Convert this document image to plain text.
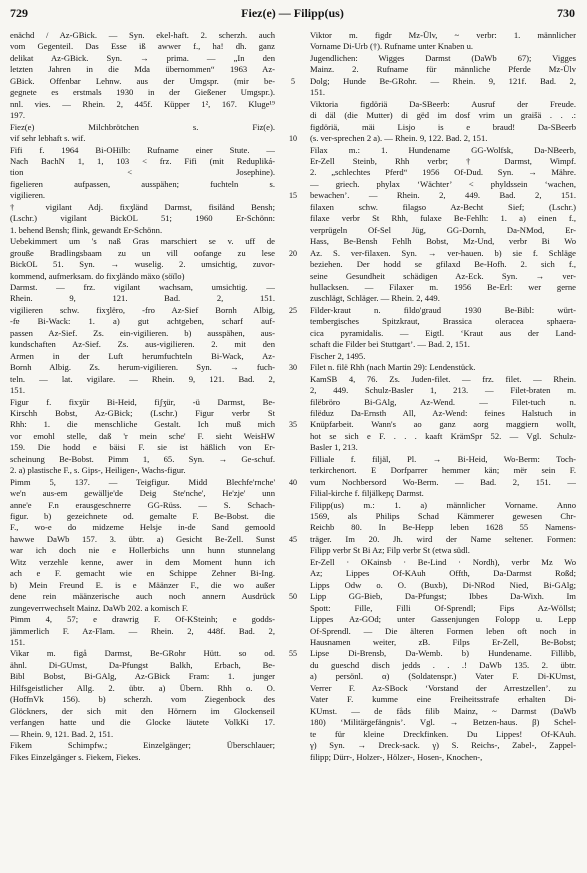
729	Fiez(e) — Filipp(us)	730
enächd / Az-GBick. — Syn. ekel-haft. 2. scherzh. auch
vom Gegenteil. Das Esse iß awwer f., ha! dh. ganz
delikat Az-GBick. Syn. → prima. — „In den
letzten Jahren in die Mda übernommen“ 1963 Az-
GBick. Offenbar Lehnw. aus der Umgspr. (mir be-
gegnete es erstmals 1930 in der Gießener Umgspr.).
nnl. vies. — Rhein. 2, 445f. Küpper 1², 167. Kluge¹⁹
197.
Fiez(e) Milchbrötchen s. Fiz(e).
vif sehr lebhaft s. wif.
Fifi f. 1964 Bi-OHilb: Rufname einer Stute. —
Nach BachN 1, 1, 103 < frz. Fifi (mit Redupliká-
tion < Josephine).
figelieren aufpassen, ausspähen; fuchteln s.
vigilieren.
† vigilant Adj. fixʒländ Darmst, fisiländ Bensh;
(Lschr.) vigilant BickOL 51; 1960 Er-Schönn:
1. behend Bensh; flink, gewandt Er-Schönn.
Uebekimmert um 's naß Gras marschiert se v. uff de
grouße Bradlingsbaam zu un vill oofange zu lese
BickOL 51. Syn. → wuselig. 2. umsichtig, zuvor-
kommend, aufmerksam. do fixʒländo mäxo (söïlo)
Darmst. — frz. vigilant wachsam, umsichtig. —
Rhein. 9, 121. Bad. 2, 151.
vigilieren schw. fixʒlëro, -fro Az-Sief Bornh Albig,
-fɐ Bi-Wack: 1. a) gut achtgeben, scharf auf-
passen Az-Sief. Zs. ein-vigilieren. b) ausspähen, aus-
kundschaften Az-Sief. Zs. aus-vigilieren. 2. mit den
Armen in der Luft herumfuchteln Bi-Wack, Az-
Bornh Albig. Zs. herum-vigilieren. Syn. → fuch-
teln. — lat. vigilare. — Rhein. 9, 121. Bad. 2,
151.
Figur f. fixʒür Bi-Heid, fiʃʒür, -ü Darmst, Be-
Kirschh Bobst, Az-GBick; (Lschr.) Figur verbr St
Rhh: 1. die menschliche Gestalt. Ich muß mich
vor emohl stelle, daß 'r mein sche' F. sieht WeisHW
159. Die hodd e bäisi F. sie ist häßlich von Er-
scheinung Be-Bobst. Pimm 1, 65. Syn. → Ge-schuf.
2. a) plastische F., s. Gips-, Heiligen-, Wachs-figur.
Pimm 5, 137. — Teigfigur. Midd Blechfe'rnche'
we'n aus-em gewällje'de Deig Ste'nche', He'zje' unn
anne'e F.n erausgeschnerre GG-Rüss. — S. Schach-
figur. b) gezeichnete od. gemalte F. Be-Bobst. die
F., wo-e do midzeme Helsje in-de Sand gemoold
hawwe DaWb 157. 3. übtr. a) Gesicht Be-Zell. Sunst
war ich doch nie e Hollerbichs unn hunn stunnelang
Witz verzehle kenne, awer in dem Moment hunn ich
ach e F. gemacht wie en Schippe Zehner Bi-Ing.
b) Mein Freund E. is e Määnzer F., die wo außer
dene rein määnzerische auch noch annern Ausdrück
zungeverrwechselt Mainz. DaWb 202. a komisch F.
Pimm 4, 57; e drawrig F. Of-KSteinh; e godds-
jämmerlich F. Az-Flam. — Rhein. 2, 448f. Bad. 2,
151.
Vikar m. figå Darmst, Be-GRohr Hütt. so od.
ähnl. Di-GUmst, Da-Pfungst Balkh, Erbach, Be-
Bibl Bobst, Bi-GAlg, Az-GBick Fram: 1. junger
Hilfsgeistlicher Allg. 2. übtr. a) Übern. Rhh o. O.
(HoffnVk 156). b) scherzh. vom Ziegenbock des
Glöckners, der sich mit den Hörnern im Glockenseil
verfangen hatte und die Glocke läutete VolkKi 17.
— Rhein. 9, 121. Bad. 2, 151.
Fikem Schimpfw.; Einzelgänger; Überschlauer;
Fikes Einzelgänger s. Fiekem, Fiekes.
5
10
15
20
25
30
35
40
45
50
55
Viktor m. figdr Mz-Ülv, ~ verbr: 1. männlicher
Vorname Di-Urb (†). Rufname unter Knaben u.
Jugendlichen: Wigges Darmst (DaWb 67); Vigges
Mainz. 2. Rufname für männliche Pferde Mz-Ülv
Dolg; Hunde Be-GRohr. — Rhein. 9, 121f. Bad. 2,
151.
Viktoria figdöriä Da-SBeerb: Ausruf der Freude.
di däl (die Mutter) di gëd im dosf vrim un graišä . . .:
figdöriä, mäi Lisjo is e braud! Da-SBeerb
(s. ver-sprechen 2 a). — Rhein. 9, 122. Bad. 2, 151.
Filax m.: 1. Hundename GG-Wolfsk, Da-NBeerb,
Er-Zell Steinb, Rhh verbr; † Darmst, Wimpf.
2. „schlechtes Pferd“ 1956 Of-Dud. Syn. → Mähre.
— griech. phylax ‘Wächter’ < phyldssein ‘wachen,
bewachen’. — Rhein. 2, 449. Bad. 2, 151.
filaxen schw. filagso Az-Becht Sief; (Lschr.)
filaxe verbr St Rhh, fulaxe Be-Fehlh: 1. a) einen f.,
verprügeln Of-Sel Jüg, GG-Dornh, Da-NMod, Er-
Hass, Be-Bensh Fehlh Bobst, Mz-Und, verbr Bi Wo
Az. S. ver-filaxen. Syn. → ver-hauen. b) sie f. Schläge
beziehen. Der hodd se gfilaxd Be-Hofh. 2. sich f.,
seine Gesundheit schädigen Az-Eck. Syn. → ver-
hullacksen. — Filaxer m. 1956 Be-Erl: wer gerne
zuschlägt, Schläger. — Rhein. 2, 449.
Filder-kraut n. fildo'graud 1930 Be-Bibl: würt-
tembergisches Spitzkraut, Brassica oleracea sphaera-
cica pyramidalis. — Eigtl. ‘Kraut aus der Land-
schaft die Filder bei Stuttgart’. — Bad. 2, 151.
Fischer 2, 1495.
Filet n. filë Rhh (nach Martin 29): Lendenstück.
KamSB 4, 76. Zs. Juden-filet. — frz. filet. — Rhein.
2, 449. Schulz-Basler 1, 213. — Filet-braten m.
filëbröro Bi-GAlg, Az-Wend. — Filet-tuch n.
filëduz Da-Ernsth All, Az-Wend: feines Halstuch in
Knüpfarbeit. Wann's ao ganz aorg maggiern wollt,
hot se sich e F. . . . kaaft KrämSpr 52. — Vgl. Schulz-
Basler 1, 213.
Filliale f. filjäl, Pl. → Bi-Heid, Wo-Berm: Toch-
terkirchenort. E Dorfparrer hemmer kän; mër sein F.
vum Nochbersord Wo-Berm. — Bad. 2, 151. —
Filial-kirche f. filjälkeɲç Darmst.
Filipp(us) m.: 1. a) männlicher Vorname. Anno
1569, als Philips Schad Kämmerer gewesen Chr-
Reichb 80. In Be-Hepp leben 1628 55 Namens-
träger. Im 20. Jh. wird der Name seltener. Formen:
Filipp verbr St Bi Az; Filp verbr St (etwa südl.
Er-Zell · OKainsb · Be-Lind · Nordh), verbr Mz Wo
Az; Lippes Of-KAuh Offth, Da-Darmst Roßd;
Lipps Odw o. O. (Buxb), Di-NRod Nied, Bi-GAlg;
Lipp GG-Bieb, Da-Pfungst; Ibbes Da-Wixh. Im
Spott: Fille, Filli Of-Sprendl; Fips Az-Wöllst;
Lippes Az-GOd; unter Gassenjungen Folopp u. Lepp
Of-Sprendl. — Die älteren Formen leben oft noch in
Hausnamen weiter, zB. Filps Er-Zell, Be-Bobst;
Lipse Di-Brensb, Da-Wemb. b) Hundename. Fillibb,
du gueschd disch jedds . . .! DaWb 135. 2. übtr.
a) persönl. α) (Soldatenspr.) Vater F. Di-KUmst,
Verrer F. Az-SBock ‘Vorstand der Arrestzellen’. zu
Vater F. kumme eine Freiheitsstrafe erhalten Di-
KUmst. — de fåds filib Mainz, ~ Darmst (DaWb
180) ‘Militärgefängnis’. Vgl. → Betzen-haus. β) Schel-
te für kleine Dreckfinken. Du Lippes! Of-KAuh.
γ) Syn. → Dreck-sack. γ) S. Reichs-, Zabel-, Zappel-
filipp; Dürr-, Holzer-, Hölzer-, Hosen-, Knochen-,
